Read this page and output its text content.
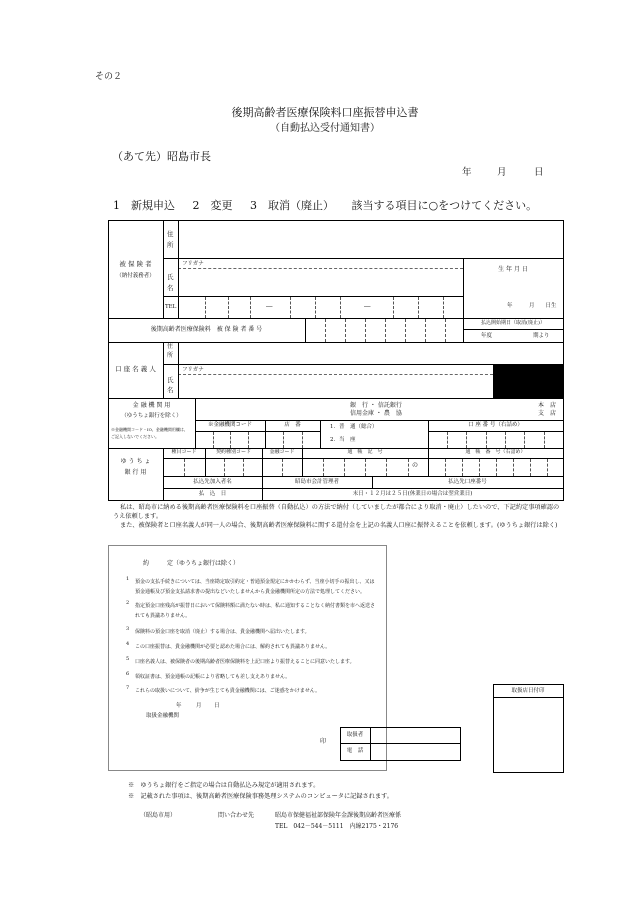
その２
後期高齢者医療保険料口座振替申込書
（自動払込受付通知書）
（あて先）昭島市長
年	月	日
1　新規申込 2　変更 3　取消（廃止） 該当する項目に○をつけてください。
被 保 険 者
（納付義務者）
住
所
フリガナ
氏
名
生 年 月 日
年　　　月　　日生
TEL	―	―
後期高齢者医療保険料　被 保 険 者 番 号
払込開始期日（取消(廃止)）
年度	期より
口 座 名 義 人
住
所
フリガナ
氏
名
金 融 機 関 用
（ゆうちょ銀行を除く）
※金融機関コード・IO、金融機関用欄は、
ご記入しないでください。
銀　行 ・ 信託銀行
信用金庫 ・ 農　協
本　店
支　店
※金融機関コード	店　番	1．普　通（総合）
2．当　座
口 座 番 号（右詰め）
ゆ う ち ょ
銀 行 用
種目コード	契約種別コード	金融コード	通　帳　記　号	通　帳　番　号（右詰め）
の
払込先加入者名	昭島市会計管理者	払込先口座番号
払　込　日	末日・１２月は２５日(休業日の場合は翌営業日)
私は、昭島市に納める後期高齢者医療保険料を口座振替（自動払込）の方法で納付（していましたが都合により取消・廃止）したいので、下記約定事項確認のうえ依頼します。
また、被保険者と口座名義人が同一人の場合、後期高齢者医療保険料に関する還付金を上記の名義人口座に振替えることを依頼します。(ゆうちょ銀行は除く)
約　　　定（ゆうちょ銀行は除く）
1 預金の支払手続きについては、当座勘定取引約定・普通預金規定にかかわらず、当座小切手の振出し、又は預金通帳及び預金支払請求書の提出などいたしませんから貴金融機関所定の方法で処理してください。
2 指定預金口座残高が振替日において保険料額に満たない時は、私に通知することなく納付書類を市へ返送されても異議ありません。
3 保険料の預金口座を取消（廃止）する場合は、貴金融機関へ届出いたします。
4 この口座振替は、貴金融機関が必要と認めた場合には、解約されても異議ありません。
5 口座名義人は、被保険者の後期高齢者医療保険料を上記口座より振替えることに同意いたします。
6 領収証書は、預金通帳の記帳により省略しても差し支えありません。
7 これらの取扱いについて、紛争が生じても貴金融機関には、ご迷惑をかけません。
年	月 日
取扱金融機関
印
取扱者
電　話
取扱店日付印
※　ゆうちょ銀行をご指定の場合は自動払込み規定が適用されます。
※　記載された事項は、後期高齢者医療保険事務処理システムのコンピュータに記録されます。
（昭島市用）	問い合わせ先	昭島市保健福祉部保険年金課後期高齢者医療係
TEL　042－544－5111　内線2175・2176
